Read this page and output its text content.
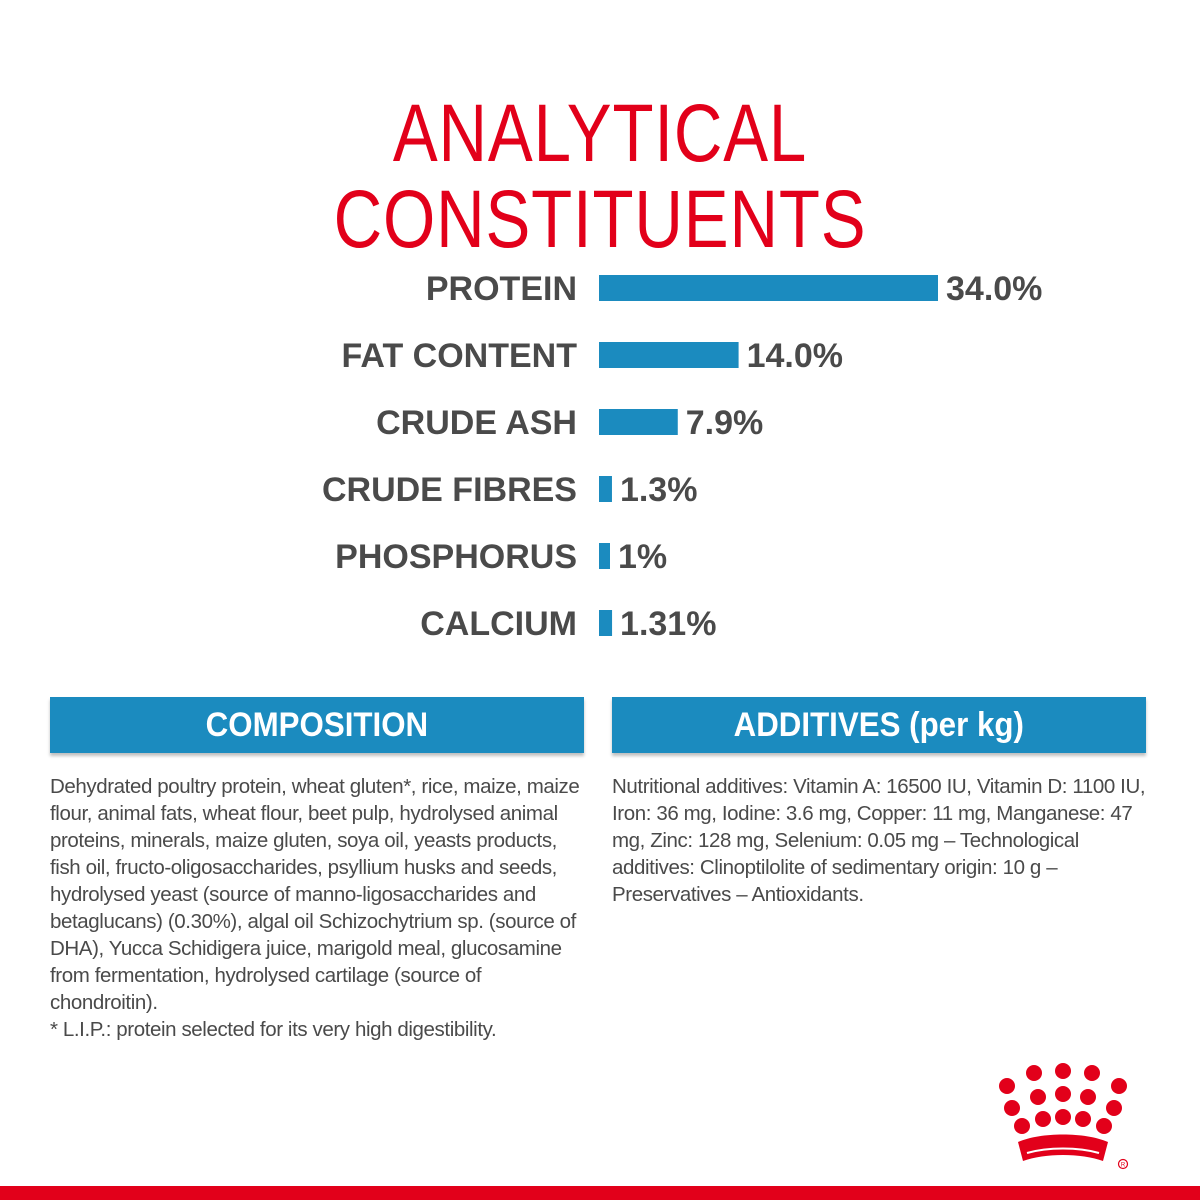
ANALYTICAL
CONSTITUENTS
PROTEIN	34.0%
FAT CONTENT	14.0%
CRUDE ASH	7.9%
CRUDE FIBRES 1.3%
PHOSPHORUS 1%
CALCIUM 1.31%
COMPOSITION

Dehydrated poultry protein, wheat gluten*, rice, maize, maize flour, animal fats, wheat flour, beet pulp, hydrolysed animal proteins, minerals, maize gluten, soya oil, yeasts products, fish oil, fructo-oligosaccharides, psyllium husks and seeds, hydrolysed yeast (source of manno-ligosaccharides and betaglucans) (0.30%), algal oil Schizochytrium sp. (source of DHA), Yucca Schidigera juice, marigold meal, glucosamine from fermentation, hydrolysed cartilage (source of chondroitin).

* L.I.P.: protein selected for its very high digestibility.

ADDITIVES (per kg)

Nutritional additives: Vitamin A: 16500 IU, Vitamin D: 1100 IU, Iron: 36 mg, Iodine: 3.6 mg, Copper: 11 mg, Manganese: 47 mg, Zinc: 128 mg, Selenium: 0.05 mg – Technological additives: Clinoptilolite of sedimentary origin: 10 g – Preservatives – Antioxidants.

R
